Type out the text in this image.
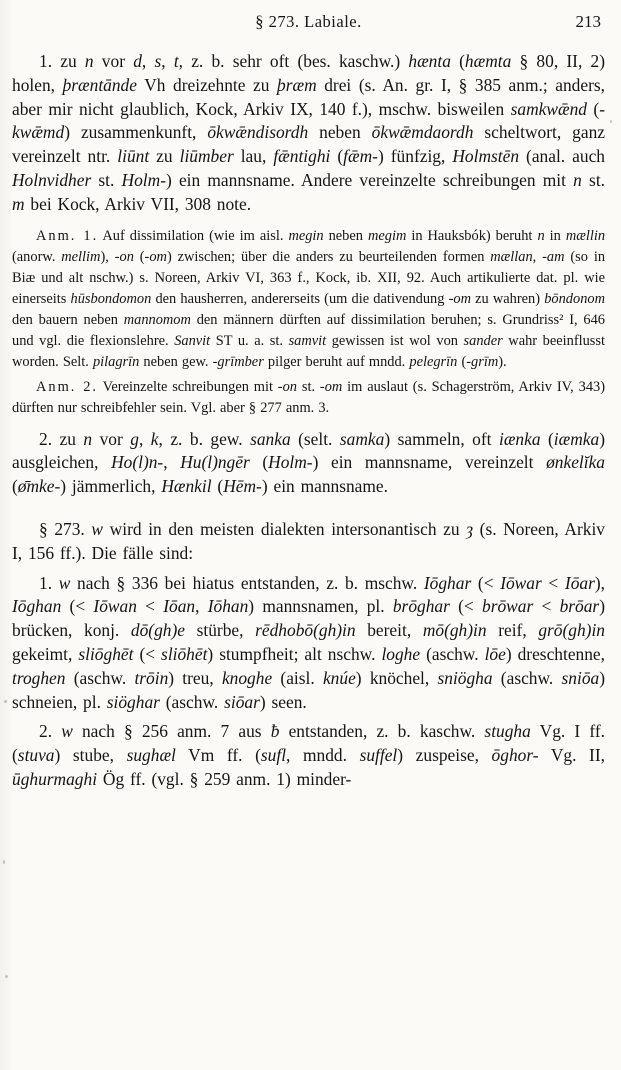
§ 273. Labiale.	213

1. zu n vor d, s, t, z. b. sehr oft (bes. kaschw.) hænta (hæmta § 80, II, 2) holen, þræntānde Vh dreizehnte zu þræm drei (s. An. gr. I, § 385 anm.; anders, aber mir nicht glaublich, Kock, Arkiv IX, 140 f.), mschw. bisweilen samkwǣnd (-kwǣmd) zusammenkunft, ōkwǣndisordh neben ōkwǣmdaordh scheltwort, ganz vereinzelt ntr. liūnt zu liūmber lau, fǣntighi (fǣm-) fünfzig, Holmstēn (anal. auch Holnvidher st. Holm-) ein mannsname. Andere vereinzelte schreibungen mit n st. m bei Kock, Arkiv VII, 308 note.

Anm. 1. Auf dissimilation (wie im aisl. megin neben megim in Hauksbók) beruht n in mællin (anorw. mellim), -on (-om) zwischen; über die anders zu beurteilenden formen mællan, -am (so in Biæ und alt nschw.) s. Noreen, Arkiv VI, 363 f., Kock, ib. XII, 92. Auch artikulierte dat. pl. wie einerseits hūsbondomon den hausherren, andererseits (um die dativendung -om zu wahren) bōndonom den bauern neben mannomom den männern dürften auf dissimilation beruhen; s. Grundriss² I, 646 und vgl. die flexionslehre. Sanvit ST u. a. st. samvit gewissen ist wol von sander wahr beeinflusst worden. Selt. pilagrīn neben gew. -grīmber pilger beruht auf mndd. pelegrīn (-grīm).

Anm. 2. Vereinzelte schreibungen mit -on st. -om im auslaut (s. Schagerström, Arkiv IV, 343) dürften nur schreibfehler sein. Vgl. aber § 277 anm. 3.

2. zu n vor g, k, z. b. gew. sanka (selt. samka) sammeln, oft iænka (iæmka) ausgleichen, Ho(l)n-, Hu(l)ngēr (Holm-) ein mannsname, vereinzelt ønkelĭka (ø̄mke-) jämmerlich, Hænkil (Hēm-) ein mannsname.

§ 273. w wird in den meisten dialekten intersonantisch zu ȝ (s. Noreen, Arkiv I, 156 ff.). Die fälle sind:

1. w nach § 336 bei hiatus entstanden, z. b. mschw. Iōghar (< Iōwar < Iōar), Iōghan (< Iōwan < Iōan, Iōhan) mannsnamen, pl. brōghar (< brōwar < brōar) brücken, konj. dō(gh)e stürbe, rēdhobō(gh)in bereit, mō(gh)in reif, grō(gh)in gekeimt, sliōghēt (< sliōhēt) stumpfheit; alt nschw. loghe (aschw. lōe) dreschtenne, troghen (aschw. trōin) treu, knoghe (aisl. knúe) knöchel, sniögha (aschw. sniōa) schneien, pl. siöghar (aschw. siōar) seen.

2. w nach § 256 anm. 7 aus ƀ entstanden, z. b. kaschw. stugha Vg. I ff. (stuva) stube, sughæl Vm ff. (sufl, mndd. suffel) zuspeise, ōghor- Vg. II, ūghurmaghi Ög ff. (vgl. § 259 anm. 1) minder-
